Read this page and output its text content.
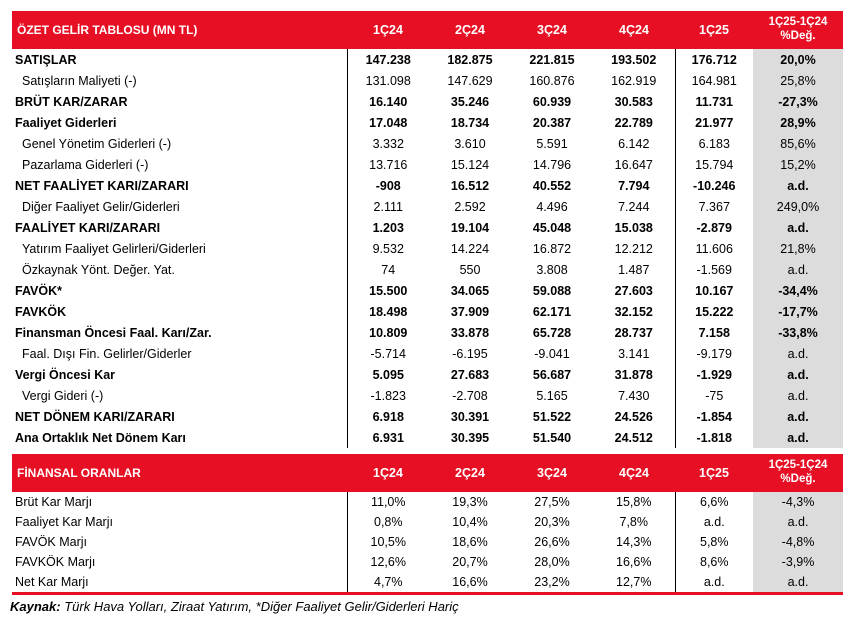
ÖZET GELİR TABLOSU (MN TL)	1Ç24	2Ç24	3Ç24	4Ç24	1Ç25	1Ç25-1Ç24
%Değ.
SATIŞLAR	147.238	182.875	221.815	193.502	176.712	20,0%
Satışların Maliyeti (-)	131.098	147.629	160.876	162.919	164.981	25,8%
BRÜT KAR/ZARAR	16.140	35.246	60.939	30.583	11.731	-27,3%
Faaliyet Giderleri	17.048	18.734	20.387	22.789	21.977	28,9%
Genel Yönetim Giderleri (-)	3.332	3.610	5.591	6.142	6.183	85,6%
Pazarlama Giderleri (-)	13.716	15.124	14.796	16.647	15.794	15,2%
NET FAALİYET KARI/ZARARI	-908	16.512	40.552	7.794	-10.246	a.d.
Diğer Faaliyet Gelir/Giderleri	2.111	2.592	4.496	7.244	7.367	249,0%
FAALİYET KARI/ZARARI	1.203	19.104	45.048	15.038	-2.879	a.d.
Yatırım Faaliyet Gelirleri/Giderleri	9.532	14.224	16.872	12.212	11.606	21,8%
Özkaynak Yönt. Değer. Yat.	74	550	3.808	1.487	-1.569	a.d.
FAVÖK*	15.500	34.065	59.088	27.603	10.167	-34,4%
FAVKÖK	18.498	37.909	62.171	32.152	15.222	-17,7%
Finansman Öncesi Faal. Karı/Zar.	10.809	33.878	65.728	28.737	7.158	-33,8%
Faal. Dışı Fin. Gelirler/Giderler	-5.714	-6.195	-9.041	3.141	-9.179	a.d.
Vergi Öncesi Kar	5.095	27.683	56.687	31.878	-1.929	a.d.
Vergi Gideri (-)	-1.823	-2.708	5.165	7.430	-75	a.d.
NET DÖNEM KARI/ZARARI	6.918	30.391	51.522	24.526	-1.854	a.d.
Ana Ortaklık Net Dönem Karı	6.931	30.395	51.540	24.512	-1.818	a.d.
FİNANSAL ORANLAR	1Ç24	2Ç24	3Ç24	4Ç24	1Ç25	1Ç25-1Ç24
%Değ.
Brüt Kar Marjı	11,0%	19,3%	27,5%	15,8%	6,6%	-4,3%
Faaliyet Kar Marjı	0,8%	10,4%	20,3%	7,8%	a.d.	a.d.
FAVÖK Marjı	10,5%	18,6%	26,6%	14,3%	5,8%	-4,8%
FAVKÖK Marjı	12,6%	20,7%	28,0%	16,6%	8,6%	-3,9%
Net Kar Marjı	4,7%	16,6%	23,2%	12,7%	a.d.	a.d.
Kaynak: Türk Hava Yolları, Ziraat Yatırım, *Diğer Faaliyet Gelir/Giderleri Hariç
